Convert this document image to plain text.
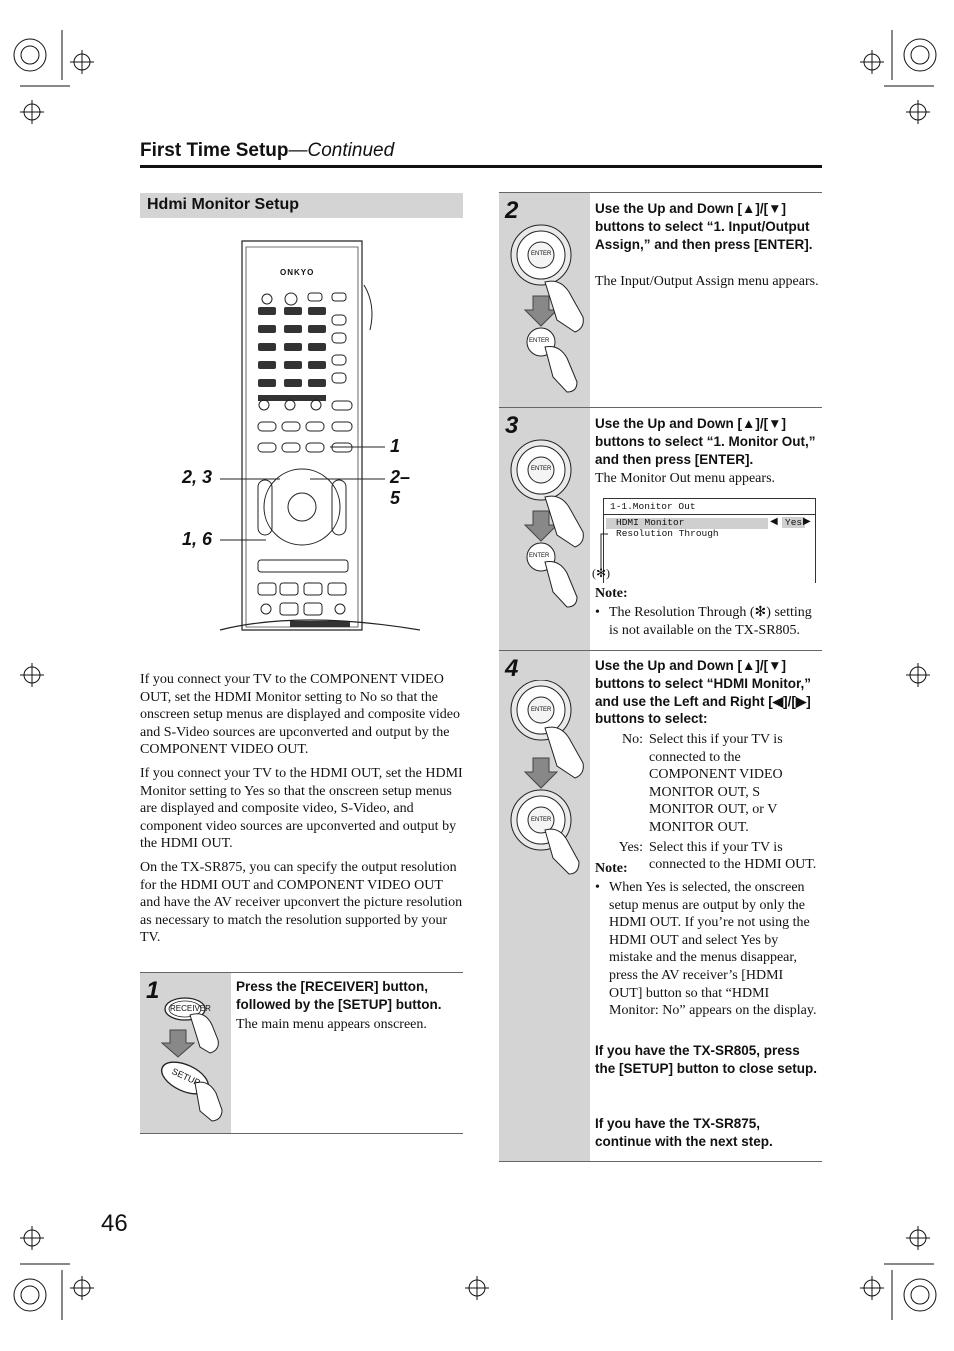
First Time Setup—Continued
Hdmi Monitor Setup
ONKYO
1
2, 3	2–5
1, 6

If you connect your TV to the COMPONENT VIDEO OUT, set the HDMI Monitor setting to No so that the onscreen setup menus are displayed and composite video and S-Video sources are upconverted and output by the COMPONENT VIDEO OUT.

If you connect your TV to the HDMI OUT, set the HDMI Monitor setting to Yes so that the onscreen setup menus are displayed and composite video, S-Video, and component video sources are upconverted and output by the HDMI OUT.

On the TX-SR875, you can specify the output resolution for the HDMI OUT and COMPONENT VIDEO OUT and have the AV receiver upconvert the picture resolution as necessary to match the resolution supported by your TV.

1
RECEIVER
SETUP
Press the [RECEIVER] button, followed by the [SETUP] button.
The main menu appears onscreen.
2
ENTER
ENTER
Use the Up and Down [▲]/[▼] buttons to select “1. Input/Output Assign,” and then press [ENTER].
The Input/Output Assign menu appears.
3
ENTER
ENTER
Use the Up and Down [▲]/[▼] buttons to select “1. Monitor Out,” and then press [ENTER].
The Monitor Out menu appears.
1-1.Monitor Out
HDMI Monitor	◀ Yes ▶
Resolution Through
(✻)
Note:
• The Resolution Through (✻) setting is not available on the TX-SR805.
4
ENTER
ENTER
Use the Up and Down [▲]/[▼] buttons to select “HDMI Monitor,” and use the Left and Right [◀]/[▶] buttons to select:
No: Select this if your TV is connected to the COMPONENT VIDEO MONITOR OUT, S MONITOR OUT, or V MONITOR OUT.
Yes: Select this if your TV is connected to the HDMI OUT.
Note:
• When Yes is selected, the onscreen setup menus are output by only the HDMI OUT. If you’re not using the HDMI OUT and select Yes by mistake and the menus disappear, press the AV receiver’s [HDMI OUT] button so that “HDMI Monitor: No” appears on the display.
If you have the TX-SR805, press the [SETUP] button to close setup.
If you have the TX-SR875, continue with the next step.
46
